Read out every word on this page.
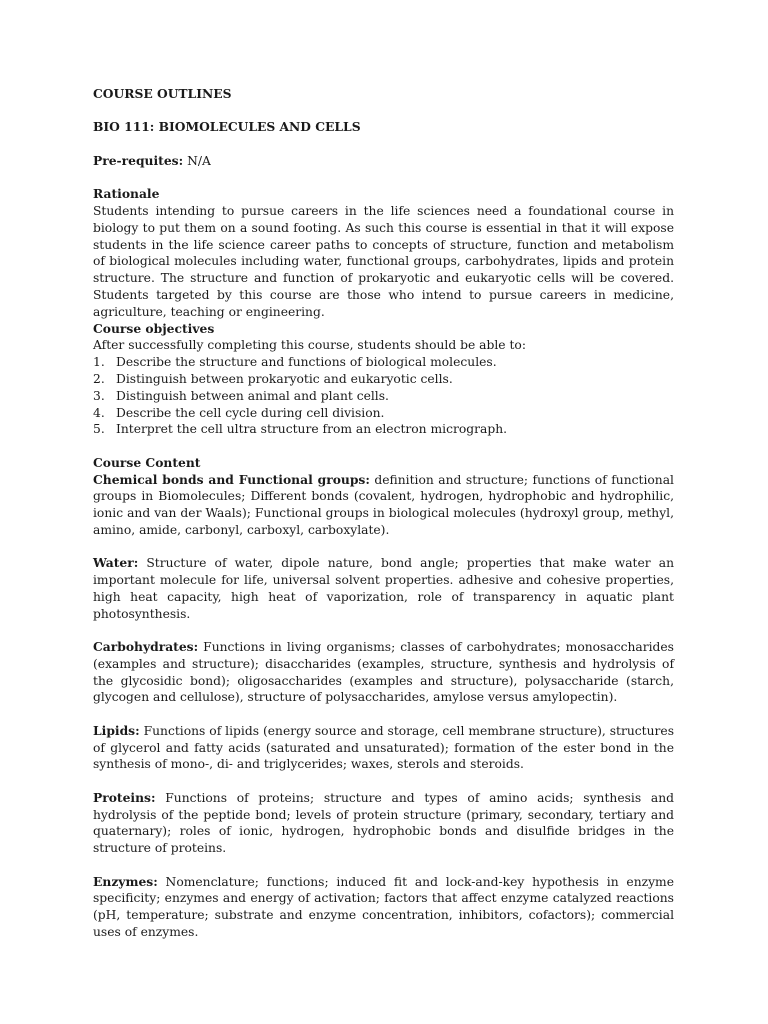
COURSE OUTLINES

BIO 111: BIOMOLECULES AND CELLS

Pre-requites: N/A

Rationale

Students intending to pursue careers in the life sciences need a foundational course in biology to put them on a sound footing. As such this course is essential in that it will expose students in the life science career paths to concepts of structure, function and metabolism of biological molecules including water, functional groups, carbohydrates, lipids and protein structure. The structure and function of prokaryotic and eukaryotic cells will be covered. Students targeted by this course are those who intend to pursue careers in medicine, agriculture, teaching or engineering.

Course objectives

After successfully completing this course, students should be able to:

1. Describe the structure and functions of biological molecules.
2. Distinguish between prokaryotic and eukaryotic cells.
3. Distinguish between animal and plant cells.
4. Describe the cell cycle during cell division.
5. Interpret the cell ultra structure from an electron micrograph.

Course Content

Chemical bonds and Functional groups: definition and structure; functions of functional groups in Biomolecules; Different bonds (covalent, hydrogen, hydrophobic and hydrophilic, ionic and van der Waals); Functional groups in biological molecules (hydroxyl group, methyl, amino, amide, carbonyl, carboxyl, carboxylate).

Water: Structure of water, dipole nature, bond angle; properties that make water an important molecule for life, universal solvent properties. adhesive and cohesive properties, high heat capacity, high heat of vaporization, role of transparency in aquatic plant photosynthesis.

Carbohydrates: Functions in living organisms; classes of carbohydrates; monosaccharides (examples and structure); disaccharides (examples, structure, synthesis and hydrolysis of the glycosidic bond); oligosaccharides (examples and structure), polysaccharide (starch, glycogen and cellulose), structure of polysaccharides, amylose versus amylopectin).

Lipids: Functions of lipids (energy source and storage, cell membrane structure), structures of glycerol and fatty acids (saturated and unsaturated); formation of the ester bond in the synthesis of mono-, di- and triglycerides; waxes, sterols and steroids.

Proteins: Functions of proteins; structure and types of amino acids; synthesis and hydrolysis of the peptide bond; levels of protein structure (primary, secondary, tertiary and quaternary); roles of ionic, hydrogen, hydrophobic bonds and disulfide bridges in the structure of proteins.

Enzymes: Nomenclature; functions; induced fit and lock-and-key hypothesis in enzyme specificity; enzymes and energy of activation; factors that affect enzyme catalyzed reactions (pH, temperature; substrate and enzyme concentration, inhibitors, cofactors); commercial uses of enzymes.
